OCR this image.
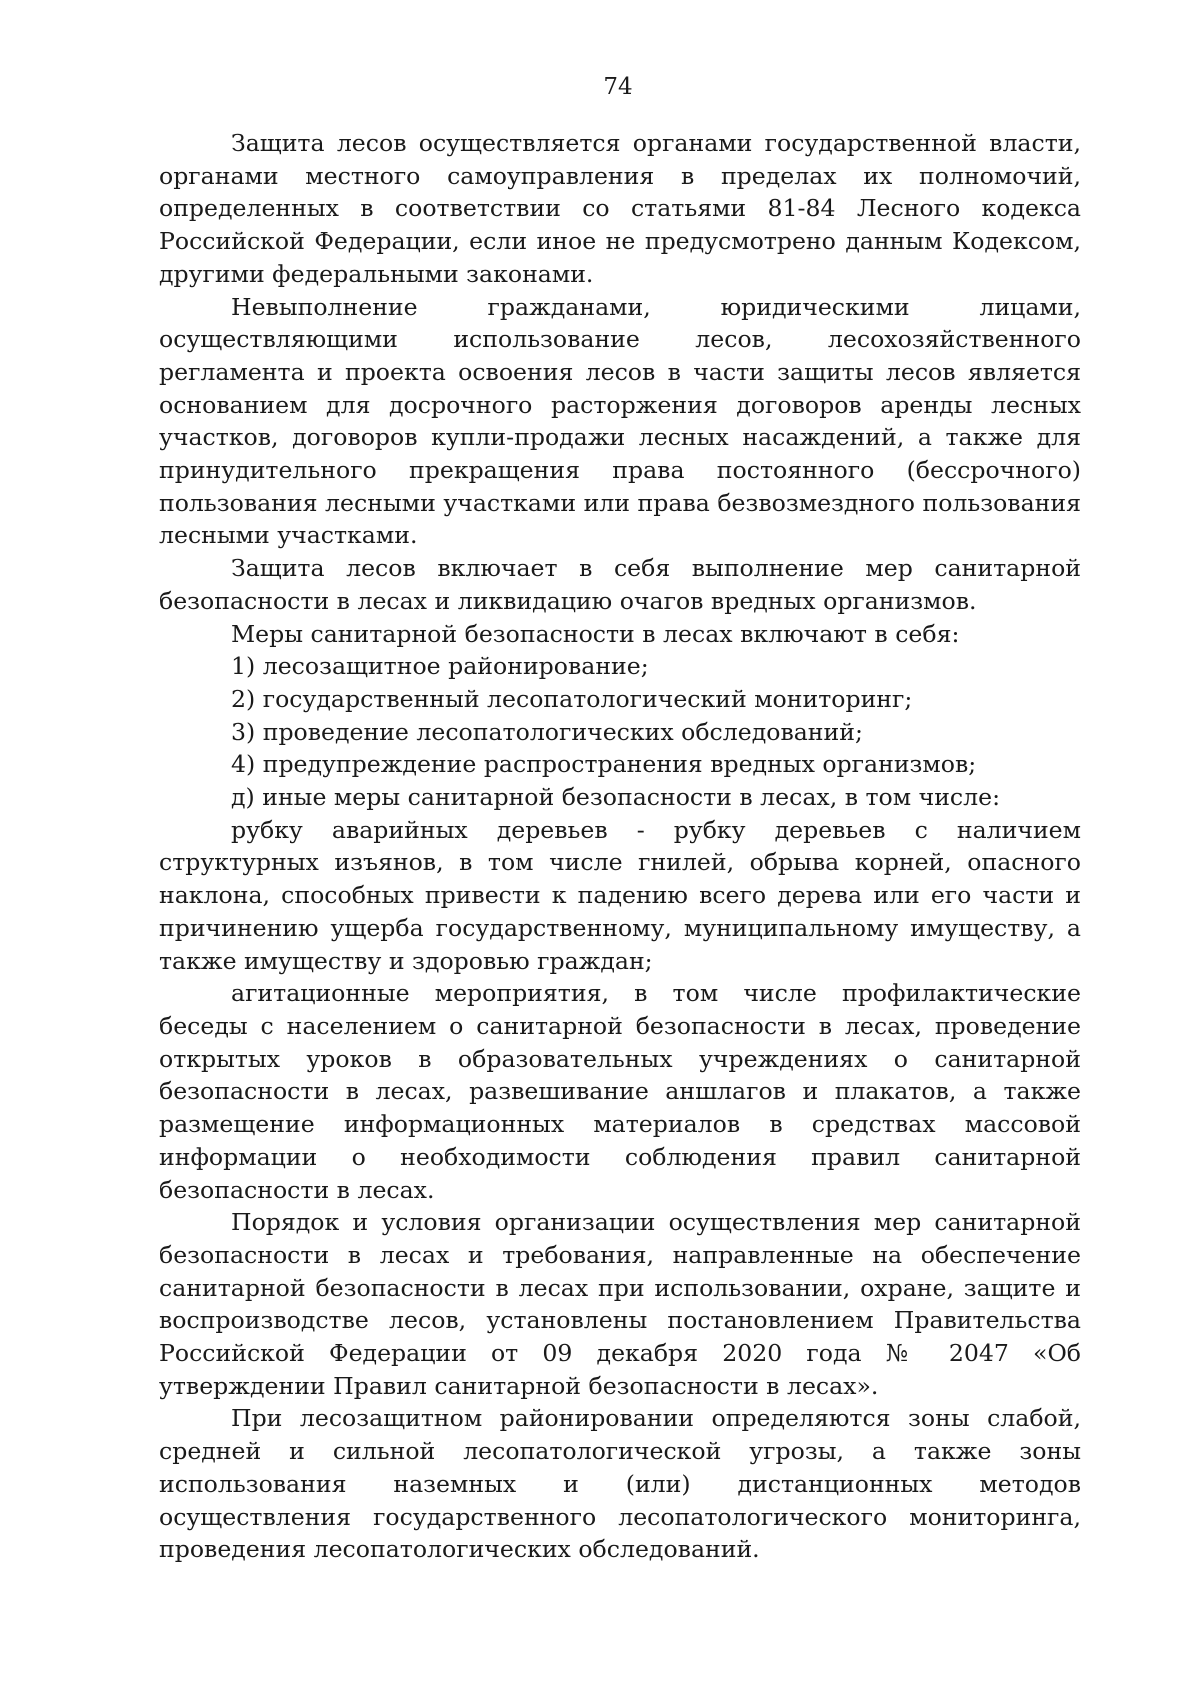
74

Защита лесов осуществляется органами государственной власти, органами местного самоуправления в пределах их полномочий, определенных в соответствии со статьями 81-84 Лесного кодекса Российской Федерации, если иное не предусмотрено данным Кодексом, другими федеральными законами.

Невыполнение гражданами, юридическими лицами, осуществляющими использование лесов, лесохозяйственного регламента и проекта освоения лесов в части защиты лесов является основанием для досрочного расторжения договоров аренды лесных участков, договоров купли-продажи лесных насаждений, а также для принудительного прекращения права постоянного (бессрочного) пользования лесными участками или права безвозмездного пользования лесными участками.

Защита лесов включает в себя выполнение мер санитарной безопасности в лесах и ликвидацию очагов вредных организмов.

Меры санитарной безопасности в лесах включают в себя:

1) лесозащитное районирование;

2) государственный лесопатологический мониторинг;

3) проведение лесопатологических обследований;

4) предупреждение распространения вредных организмов;

д) иные меры санитарной безопасности в лесах, в том числе:

рубку аварийных деревьев - рубку деревьев с наличием структурных изъянов, в том числе гнилей, обрыва корней, опасного наклона, способных привести к падению всего дерева или его части и причинению ущерба государственному, муниципальному имуществу, а также имуществу и здоровью граждан;

агитационные мероприятия, в том числе профилактические беседы с населением о санитарной безопасности в лесах, проведение открытых уроков в образовательных учреждениях о санитарной безопасности в лесах, развешивание аншлагов и плакатов, а также размещение информационных материалов в средствах массовой информации о необходимости соблюдения правил санитарной безопасности в лесах.

Порядок и условия организации осуществления мер санитарной безопасности в лесах и требования, направленные на обеспечение санитарной безопасности в лесах при использовании, охране, защите и воспроизводстве лесов, установлены постановлением Правительства Российской Федерации от 09 декабря 2020 года № 2047 «Об утверждении Правил санитарной безопасности в лесах».

При лесозащитном районировании определяются зоны слабой, средней и сильной лесопатологической угрозы, а также зоны использования наземных и (или) дистанционных методов осуществления государственного лесопатологического мониторинга, проведения лесопатологических обследований.
